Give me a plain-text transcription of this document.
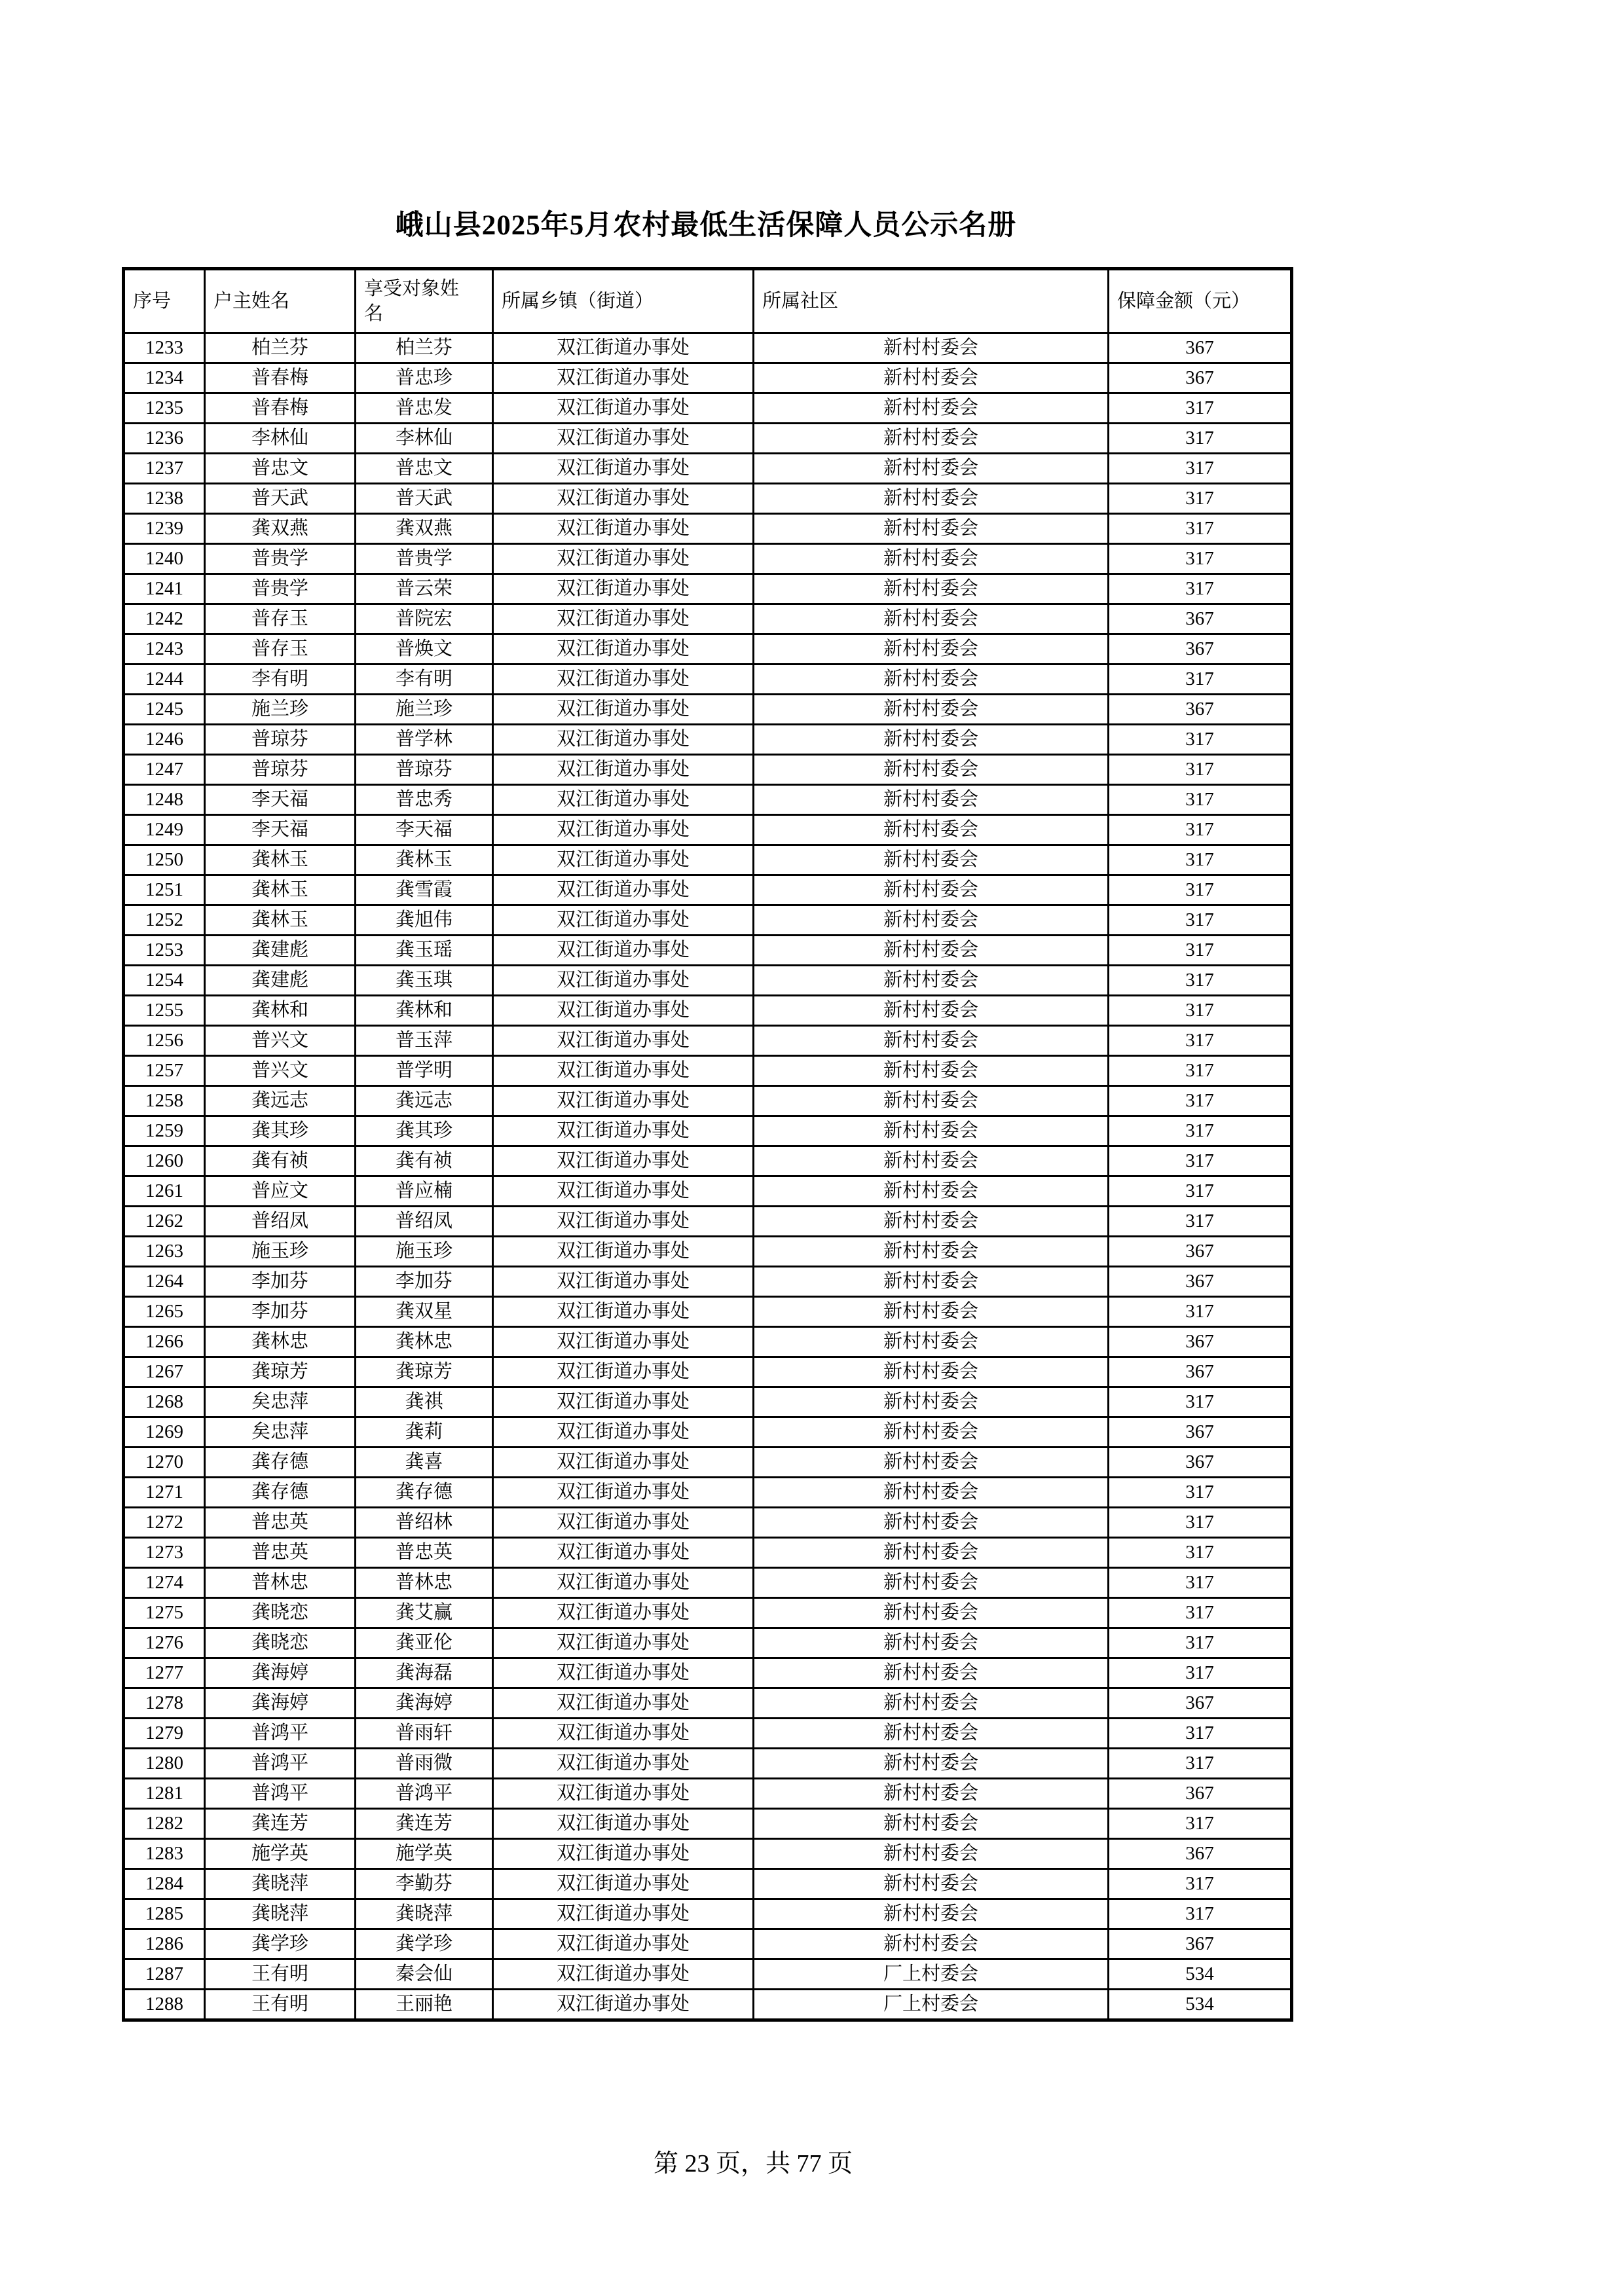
峨山县2025年5月农村最低生活保障人员公示名册
序号	户主姓名	享受对象姓名	所属乡镇（街道）	所属社区	保障金额（元）
1233	柏兰芬	柏兰芬	双江街道办事处	新村村委会	367
1234	普春梅	普忠珍	双江街道办事处	新村村委会	367
1235	普春梅	普忠发	双江街道办事处	新村村委会	317
1236	李林仙	李林仙	双江街道办事处	新村村委会	317
1237	普忠文	普忠文	双江街道办事处	新村村委会	317
1238	普天武	普天武	双江街道办事处	新村村委会	317
1239	龚双燕	龚双燕	双江街道办事处	新村村委会	317
1240	普贵学	普贵学	双江街道办事处	新村村委会	317
1241	普贵学	普云荣	双江街道办事处	新村村委会	317
1242	普存玉	普院宏	双江街道办事处	新村村委会	367
1243	普存玉	普焕文	双江街道办事处	新村村委会	367
1244	李有明	李有明	双江街道办事处	新村村委会	317
1245	施兰珍	施兰珍	双江街道办事处	新村村委会	367
1246	普琼芬	普学林	双江街道办事处	新村村委会	317
1247	普琼芬	普琼芬	双江街道办事处	新村村委会	317
1248	李天福	普忠秀	双江街道办事处	新村村委会	317
1249	李天福	李天福	双江街道办事处	新村村委会	317
1250	龚林玉	龚林玉	双江街道办事处	新村村委会	317
1251	龚林玉	龚雪霞	双江街道办事处	新村村委会	317
1252	龚林玉	龚旭伟	双江街道办事处	新村村委会	317
1253	龚建彪	龚玉瑶	双江街道办事处	新村村委会	317
1254	龚建彪	龚玉琪	双江街道办事处	新村村委会	317
1255	龚林和	龚林和	双江街道办事处	新村村委会	317
1256	普兴文	普玉萍	双江街道办事处	新村村委会	317
1257	普兴文	普学明	双江街道办事处	新村村委会	317
1258	龚远志	龚远志	双江街道办事处	新村村委会	317
1259	龚其珍	龚其珍	双江街道办事处	新村村委会	317
1260	龚有祯	龚有祯	双江街道办事处	新村村委会	317
1261	普应文	普应楠	双江街道办事处	新村村委会	317
1262	普绍凤	普绍凤	双江街道办事处	新村村委会	317
1263	施玉珍	施玉珍	双江街道办事处	新村村委会	367
1264	李加芬	李加芬	双江街道办事处	新村村委会	367
1265	李加芬	龚双星	双江街道办事处	新村村委会	317
1266	龚林忠	龚林忠	双江街道办事处	新村村委会	367
1267	龚琼芳	龚琼芳	双江街道办事处	新村村委会	367
1268	矣忠萍	龚祺	双江街道办事处	新村村委会	317
1269	矣忠萍	龚莉	双江街道办事处	新村村委会	367
1270	龚存德	龚喜	双江街道办事处	新村村委会	367
1271	龚存德	龚存德	双江街道办事处	新村村委会	317
1272	普忠英	普绍林	双江街道办事处	新村村委会	317
1273	普忠英	普忠英	双江街道办事处	新村村委会	317
1274	普林忠	普林忠	双江街道办事处	新村村委会	317
1275	龚晓恋	龚艾赢	双江街道办事处	新村村委会	317
1276	龚晓恋	龚亚伦	双江街道办事处	新村村委会	317
1277	龚海婷	龚海磊	双江街道办事处	新村村委会	317
1278	龚海婷	龚海婷	双江街道办事处	新村村委会	367
1279	普鸿平	普雨轩	双江街道办事处	新村村委会	317
1280	普鸿平	普雨微	双江街道办事处	新村村委会	317
1281	普鸿平	普鸿平	双江街道办事处	新村村委会	367
1282	龚连芳	龚连芳	双江街道办事处	新村村委会	317
1283	施学英	施学英	双江街道办事处	新村村委会	367
1284	龚晓萍	李勤芬	双江街道办事处	新村村委会	317
1285	龚晓萍	龚晓萍	双江街道办事处	新村村委会	317
1286	龚学珍	龚学珍	双江街道办事处	新村村委会	367
1287	王有明	秦会仙	双江街道办事处	厂上村委会	534
1288	王有明	王丽艳	双江街道办事处	厂上村委会	534
第 23 页，共 77 页
